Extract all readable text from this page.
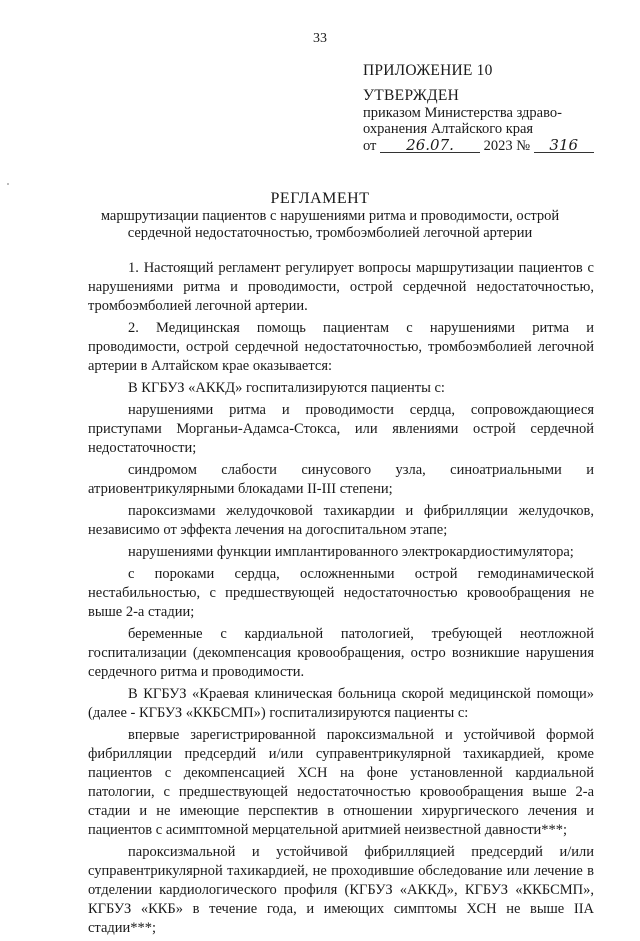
33
ПРИЛОЖЕНИЕ 10
УТВЕРЖДЕН
приказом Министерства здраво-
охранения Алтайского края
от 26.07. 2023 № 316
РЕГЛАМЕНТ
маршрутизации пациентов с нарушениями ритма и проводимости, острой сердечной недостаточностью, тромбоэмболией легочной артерии

1. Настоящий регламент регулирует вопросы маршрутизации пациентов с нарушениями ритма и проводимости, острой сердечной недостаточностью, тромбоэмболией легочной артерии.

2. Медицинская помощь пациентам с нарушениями ритма и проводимости, острой сердечной недостаточностью, тромбоэмболией легочной артерии в Алтайском крае оказывается:

В КГБУЗ «АККД» госпитализируются пациенты с:

нарушениями ритма и проводимости сердца, сопровождающиеся приступами Морганьи-Адамса-Стокса, или явлениями острой сердечной недостаточности;

синдромом слабости синусового узла, синоатриальными и атриовентрикулярными блокадами II-III степени;

пароксизмами желудочковой тахикардии и фибрилляции желудочков, независимо от эффекта лечения на догоспитальном этапе;

нарушениями функции имплантированного электрокардиостимулятора;

с пороками сердца, осложненными острой гемодинамической нестабильностью, с предшествующей недостаточностью кровообращения не выше 2-а стадии;

беременные с кардиальной патологией, требующей неотложной госпитализации (декомпенсация кровообращения, остро возникшие нарушения сердечного ритма и проводимости.

В КГБУЗ «Краевая клиническая больница скорой медицинской помощи» (далее - КГБУЗ «ККБСМП») госпитализируются пациенты с:

впервые зарегистрированной пароксизмальной и устойчивой формой фибрилляции предсердий и/или суправентрикулярной тахикардией, кроме пациентов с декомпенсацией ХСН на фоне установленной кардиальной патологии, с предшествующей недостаточностью кровообращения выше 2-а стадии и не имеющие перспектив в отношении хирургического лечения и пациентов с асимптомной мерцательной аритмией неизвестной давности***;

пароксизмальной и устойчивой фибрилляцией предсердий и/или суправентрикулярной тахикардией, не проходившие обследование или лечение в отделении кардиологического профиля (КГБУЗ «АККД», КГБУЗ «ККБСМП», КГБУЗ «ККБ» в течение года, и имеющих симптомы ХСН не выше IIА стадии***;
